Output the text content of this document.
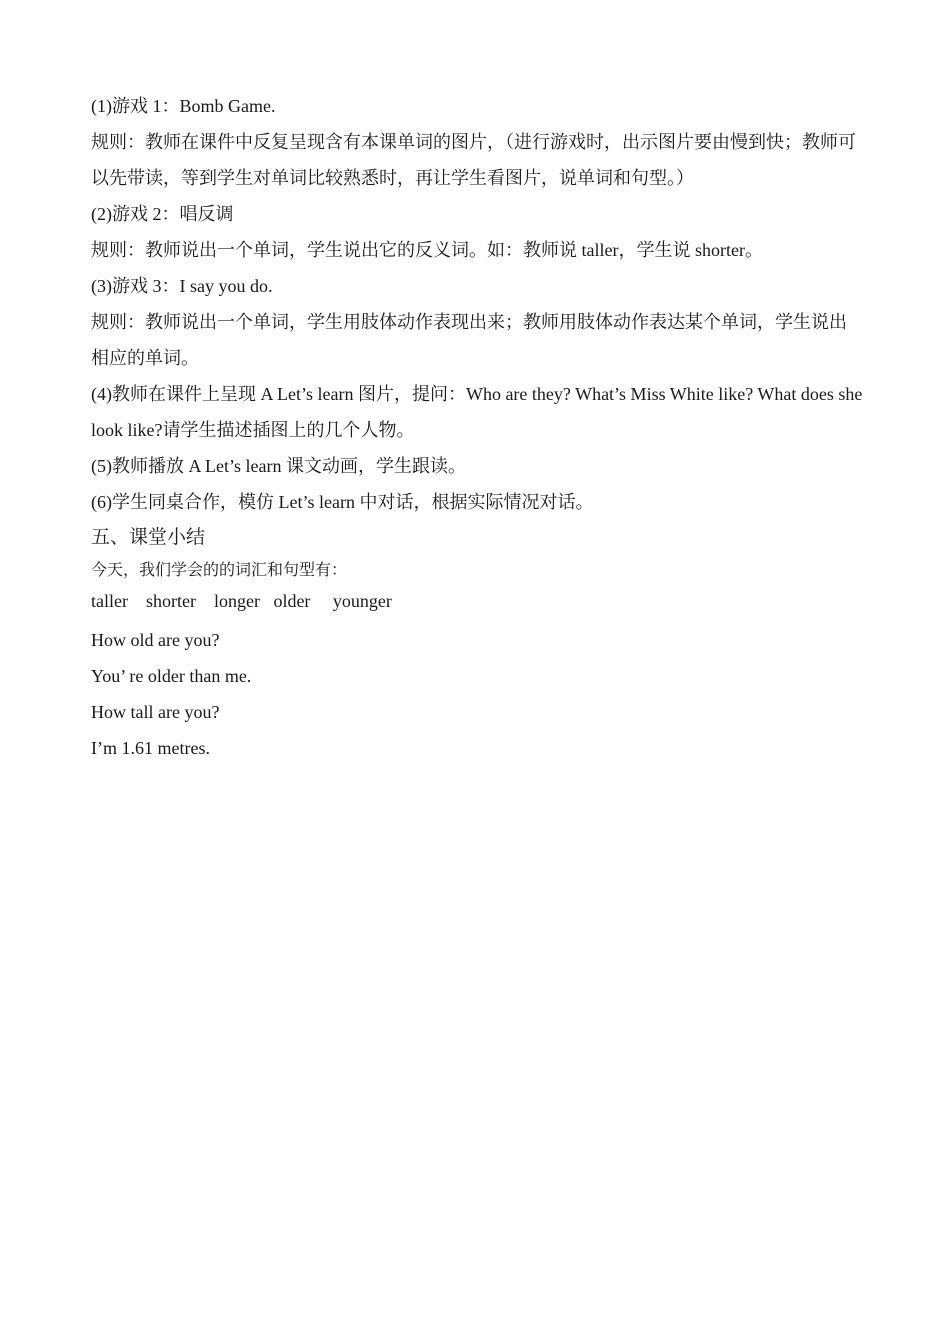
(1)游戏 1：Bomb Game.

规则：教师在课件中反复呈现含有本课单词的图片，（进行游戏时，出示图片要由慢到快；教师可以先带读，等到学生对单词比较熟悉时，再让学生看图片，说单词和句型。）

(2)游戏 2：唱反调

规则：教师说出一个单词，学生说出它的反义词。如：教师说 taller，学生说 shorter。

(3)游戏 3：I say you do.

规则：教师说出一个单词，学生用肢体动作表现出来；教师用肢体动作表达某个单词，学生说出相应的单词。

(4)教师在课件上呈现 A Let’s learn 图片，提问：Who are they? What’s Miss White like? What does she look like?请学生描述插图上的几个人物。

(5)教师播放 A Let’s learn 课文动画，学生跟读。

(6)学生同桌合作，模仿 Let’s learn 中对话，根据实际情况对话。

五、课堂小结

今天，我们学会的的词汇和句型有：

taller    shorter    longer   older     younger

How old are you?

You’ re older than me.

How tall are you?

I’m 1.61 metres.
